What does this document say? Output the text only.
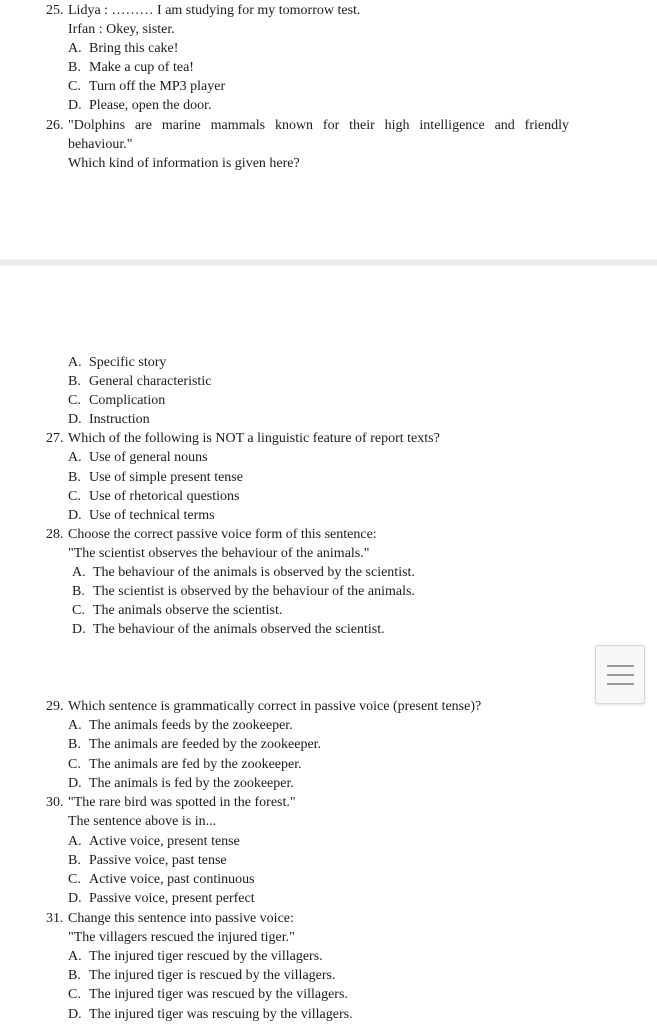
25. Lidya : ……… I am studying for my tomorrow test.
Irfan : Okey, sister.
A. Bring this cake!
B. Make a cup of tea!
C. Turn off the MP3 player
D. Please, open the door.
26. "Dolphins are marine mammals known for their high intelligence and friendly
behaviour."
Which kind of information is given here?
A. Specific story
B. General characteristic
C. Complication
D. Instruction
27. Which of the following is NOT a linguistic feature of report texts?
A. Use of general nouns
B. Use of simple present tense
C. Use of rhetorical questions
D. Use of technical terms
28. Choose the correct passive voice form of this sentence:
"The scientist observes the behaviour of the animals."
A. The behaviour of the animals is observed by the scientist.
B. The scientist is observed by the behaviour of the animals.
C. The animals observe the scientist.
D. The behaviour of the animals observed the scientist.
29. Which sentence is grammatically correct in passive voice (present tense)?
A. The animals feeds by the zookeeper.
B. The animals are feeded by the zookeeper.
C. The animals are fed by the zookeeper.
D. The animals is fed by the zookeeper.
30. "The rare bird was spotted in the forest."
The sentence above is in...
A. Active voice, present tense
B. Passive voice, past tense
C. Active voice, past continuous
D. Passive voice, present perfect
31. Change this sentence into passive voice:
"The villagers rescued the injured tiger."
A. The injured tiger rescued by the villagers.
B. The injured tiger is rescued by the villagers.
C. The injured tiger was rescued by the villagers.
D. The injured tiger was rescuing by the villagers.
